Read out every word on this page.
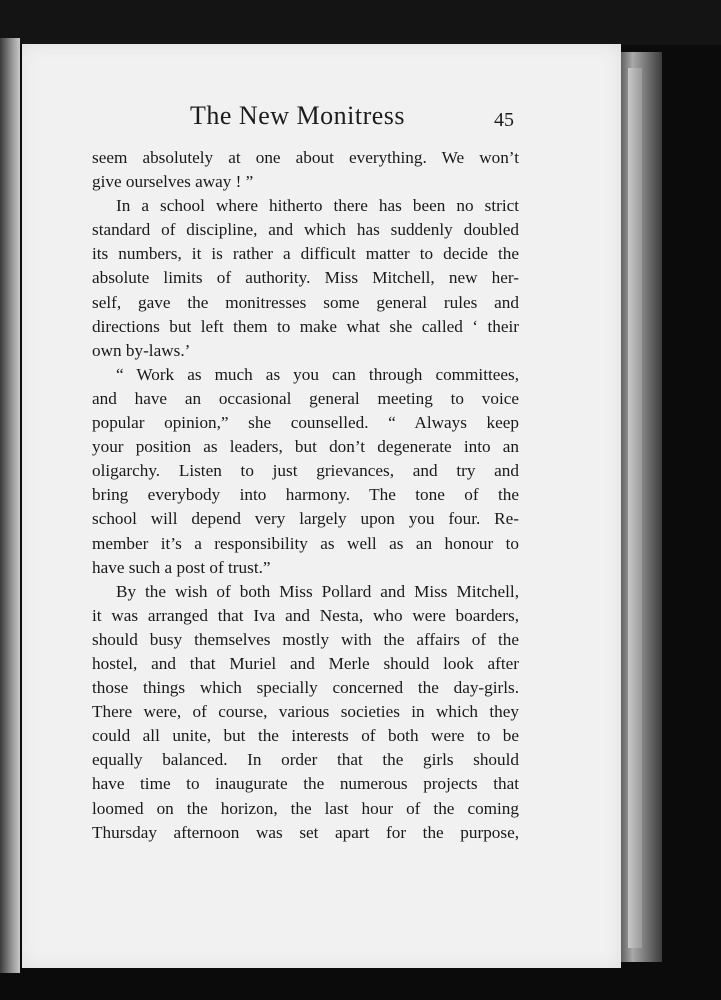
The New Monitress	45
seem absolutely at one about everything. We won’t
give ourselves away ! ”
In a school where hitherto there has been no strict
standard of discipline, and which has suddenly doubled
its numbers, it is rather a difficult matter to decide the
absolute limits of authority. Miss Mitchell, new her-
self, gave the monitresses some general rules and
directions but left them to make what she called ‘ their
own by-laws.’
“ Work as much as you can through committees,
and have an occasional general meeting to voice
popular opinion,” she counselled. “ Always keep
your position as leaders, but don’t degenerate into an
oligarchy. Listen to just grievances, and try and
bring everybody into harmony. The tone of the
school will depend very largely upon you four. Re-
member it’s a responsibility as well as an honour to
have such a post of trust.”
By the wish of both Miss Pollard and Miss Mitchell,
it was arranged that Iva and Nesta, who were boarders,
should busy themselves mostly with the affairs of the
hostel, and that Muriel and Merle should look after
those things which specially concerned the day-girls.
There were, of course, various societies in which they
could all unite, but the interests of both were to be
equally balanced. In order that the girls should
have time to inaugurate the numerous projects that
loomed on the horizon, the last hour of the coming
Thursday afternoon was set apart for the purpose,
